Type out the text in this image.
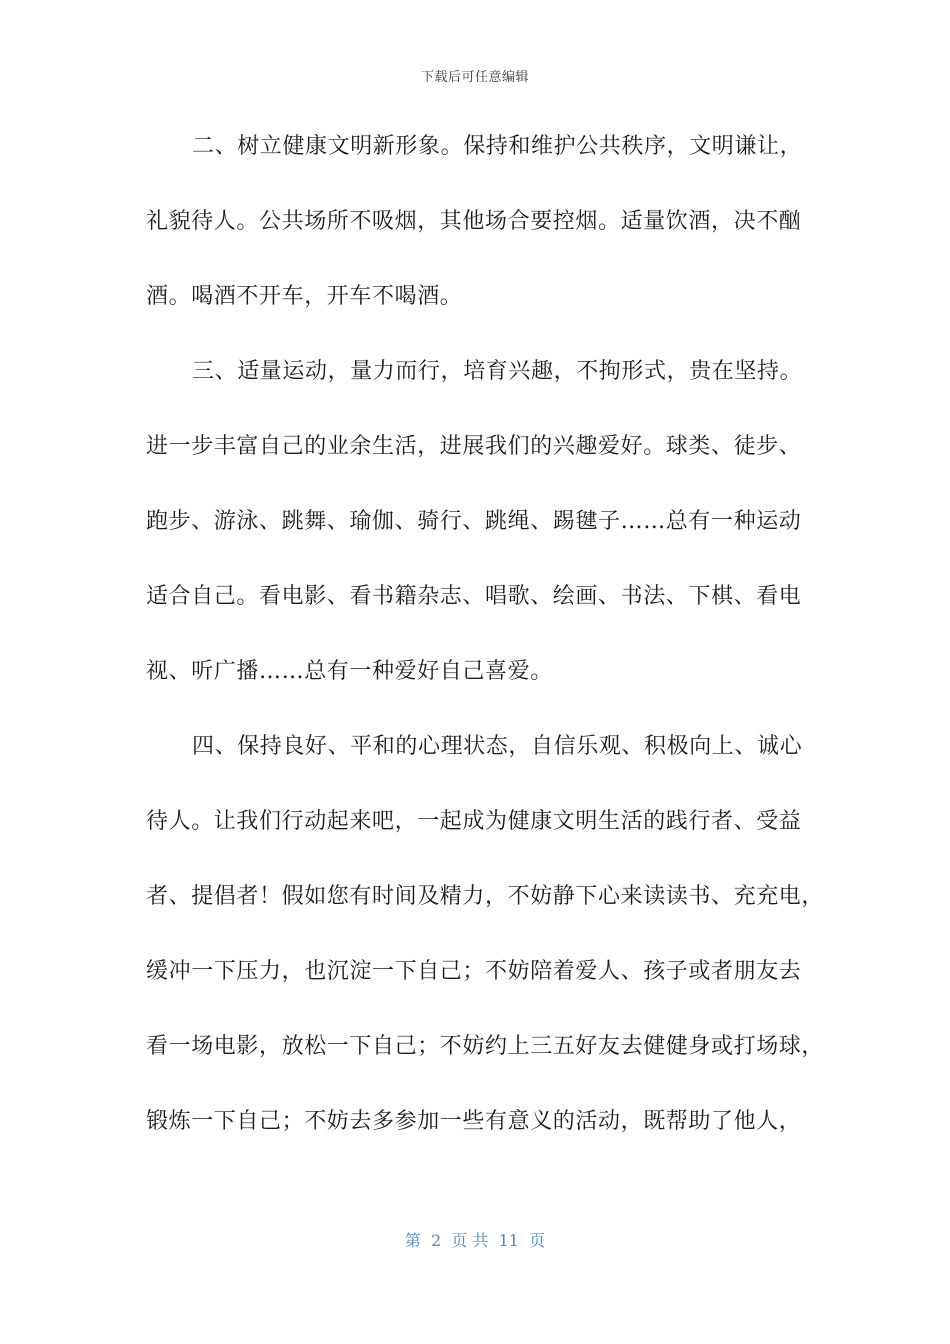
下载后可任意编辑
二、树立健康文明新形象。保持和维护公共秩序，文明谦让，
礼貌待人。公共场所不吸烟，其他场合要控烟。适量饮酒，决不酗
酒。喝酒不开车，开车不喝酒。
三、适量运动，量力而行，培育兴趣，不拘形式，贵在坚持。
进一步丰富自己的业余生活，进展我们的兴趣爱好。球类、徒步、
跑步、游泳、跳舞、瑜伽、骑行、跳绳、踢毽子……总有一种运动
适合自己。看电影、看书籍杂志、唱歌、绘画、书法、下棋、看电
视、听广播……总有一种爱好自己喜爱。
四、保持良好、平和的心理状态，自信乐观、积极向上、诚心
待人。让我们行动起来吧，一起成为健康文明生活的践行者、受益
者、提倡者！假如您有时间及精力，不妨静下心来读读书、充充电，
缓冲一下压力，也沉淀一下自己；不妨陪着爱人、孩子或者朋友去
看一场电影，放松一下自己；不妨约上三五好友去健健身或打场球，
锻炼一下自己；不妨去多参加一些有意义的活动，既帮助了他人，
第  2  页 共  11  页
